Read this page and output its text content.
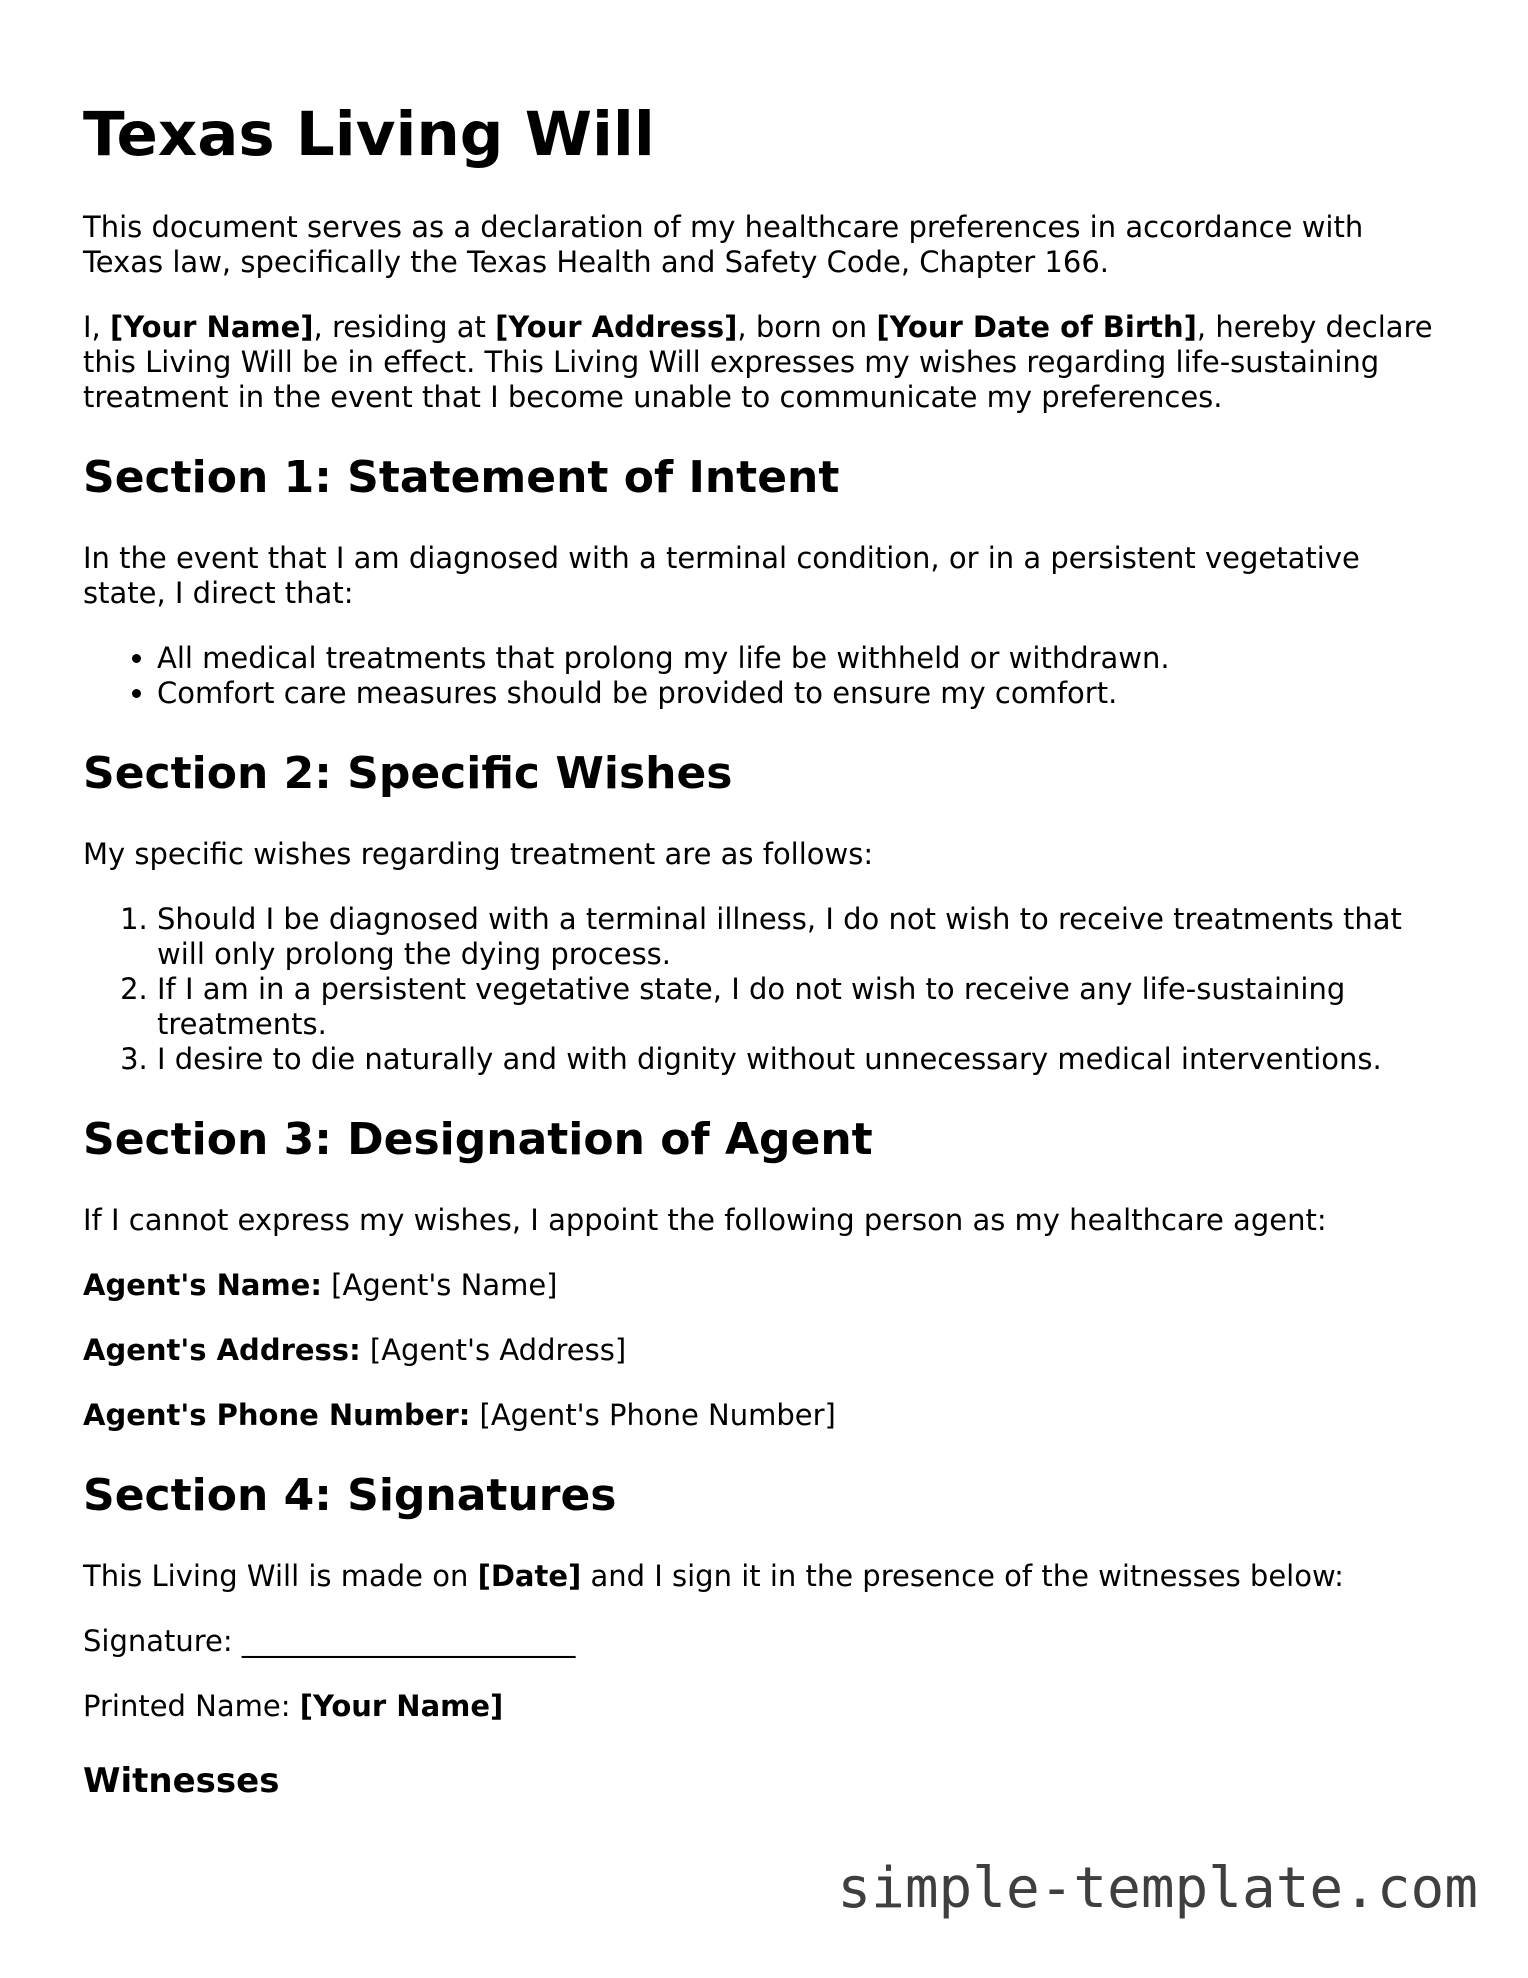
Texas Living Will

This document serves as a declaration of my healthcare preferences in accordance with Texas law, specifically the Texas Health and Safety Code, Chapter 166.

I, [Your Name], residing at [Your Address], born on [Your Date of Birth], hereby declare this Living Will be in effect. This Living Will expresses my wishes regarding life-sustaining treatment in the event that I become unable to communicate my preferences.

Section 1: Statement of Intent

In the event that I am diagnosed with a terminal condition, or in a persistent vegetative state, I direct that:

• All medical treatments that prolong my life be withheld or withdrawn.
• Comfort care measures should be provided to ensure my comfort.
Section 2: Specific Wishes

My specific wishes regarding treatment are as follows:

1. Should I be diagnosed with a terminal illness, I do not wish to receive treatments that will only prolong the dying process.
2. If I am in a persistent vegetative state, I do not wish to receive any life-sustaining treatments.
3. I desire to die naturally and with dignity without unnecessary medical interventions.
Section 3: Designation of Agent

If I cannot express my wishes, I appoint the following person as my healthcare agent:

Agent's Name: [Agent's Name]

Agent's Address: [Agent's Address]

Agent's Phone Number: [Agent's Phone Number]

Section 4: Signatures

This Living Will is made on [Date] and I sign it in the presence of the witnesses below:

Signature: _______________________

Printed Name: [Your Name]

Witnesses
simple-template.com
